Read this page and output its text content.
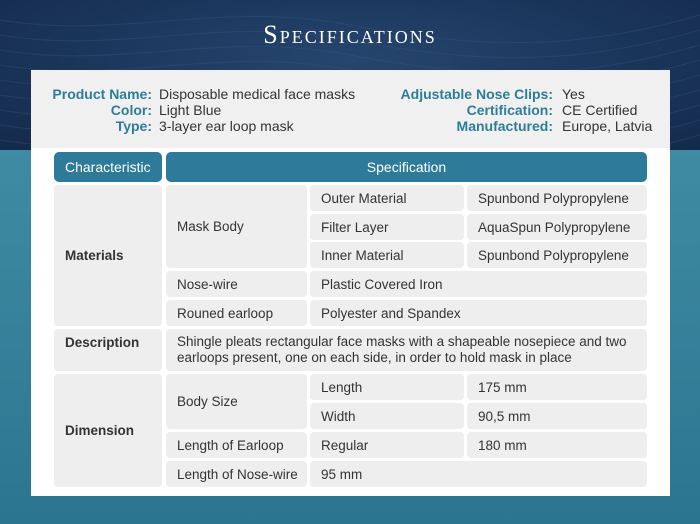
Specifications
Product Name: Disposable medical face masks
Color: Light Blue
Type: 3-layer ear loop mask
Adjustable Nose Clips: Yes
Certification: CE Certified
Manufactured: Europe, Latvia
Characteristic	Specification
Materials
Mask Body
Outer Material	Spunbond Polypropylene
Filter Layer	AquaSpun Polypropylene
Inner Material	Spunbond Polypropylene
Nose-wire	Plastic Covered Iron
Rouned earloop	Polyester and Spandex
Description	Shingle pleats rectangular face masks with a shapeable nosepiece and two earloops present, one on each side, in order to hold mask in place
Dimension
Body Size
Length	175 mm
Width	90,5 mm
Length of Earloop	Regular	180 mm
Length of Nose-wire	95 mm
